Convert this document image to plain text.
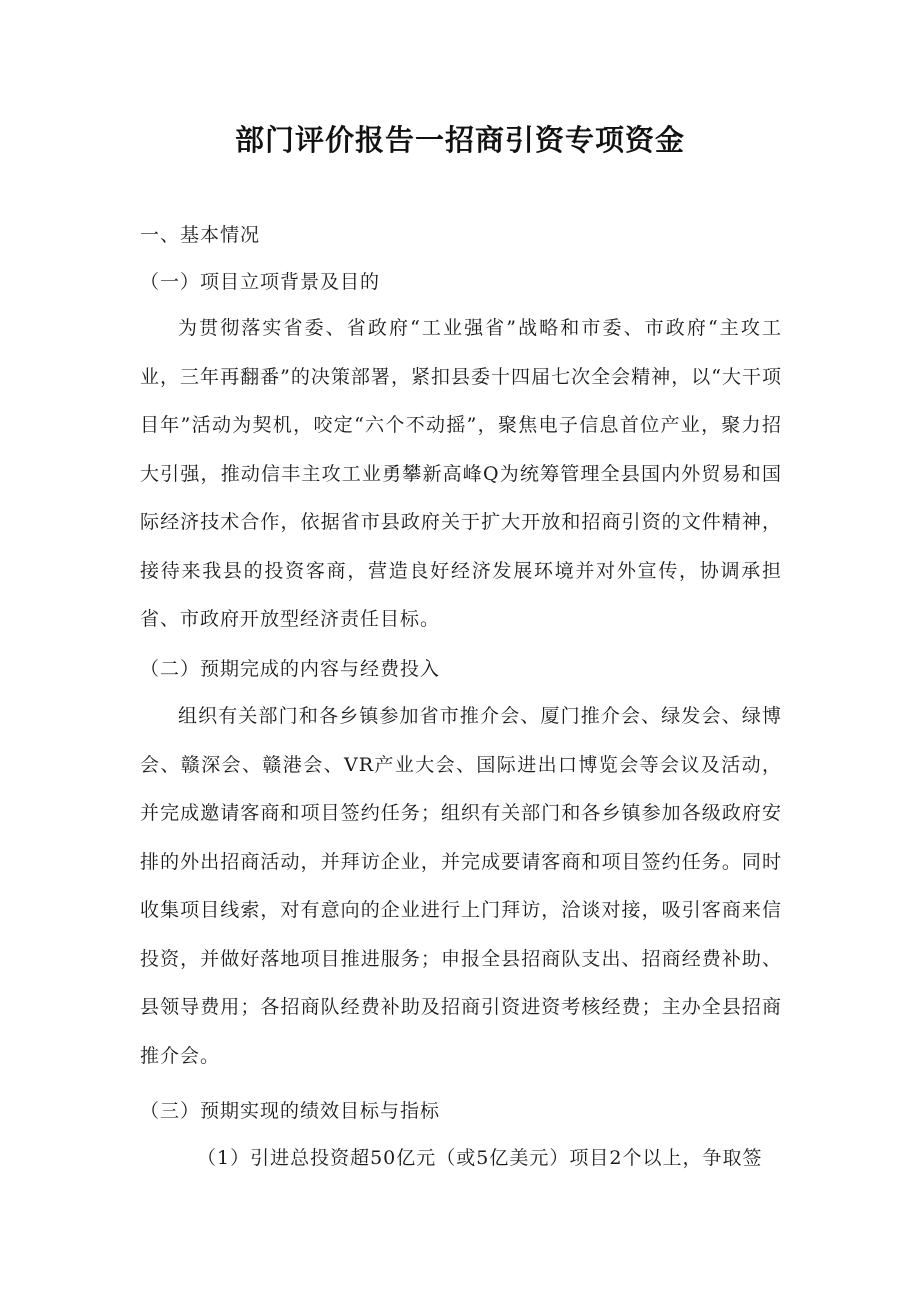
部门评价报告一招商引资专项资金

一、基本情况

（一）项目立项背景及目的

为贯彻落实省委、省政府“工业强省”战略和市委、市政府“主攻工业，三年再翻番”的决策部署，紧扣县委十四届七次全会精神，以“大干项目年”活动为契机，咬定“六个不动摇”，聚焦电子信息首位产业，聚力招大引强，推动信丰主攻工业勇攀新高峰Q为统筹管理全县国内外贸易和国际经济技术合作，依据省市县政府关于扩大开放和招商引资的文件精神，接待来我县的投资客商，营造良好经济发展环境并对外宣传，协调承担省、市政府开放型经济责任目标。

（二）预期完成的内容与经费投入

组织有关部门和各乡镇参加省市推介会、厦门推介会、绿发会、绿博会、赣深会、赣港会、VR产业大会、国际进出口博览会等会议及活动，并完成邀请客商和项目签约任务；组织有关部门和各乡镇参加各级政府安排的外出招商活动，并拜访企业，并完成要请客商和项目签约任务。同时收集项目线索，对有意向的企业进行上门拜访，洽谈对接，吸引客商来信投资，并做好落地项目推进服务；申报全县招商队支出、招商经费补助、县领导费用；各招商队经费补助及招商引资进资考核经费；主办全县招商推介会。

（三）预期实现的绩效目标与指标

（1）引进总投资超50亿元（或5亿美元）项目2个以上，争取签
